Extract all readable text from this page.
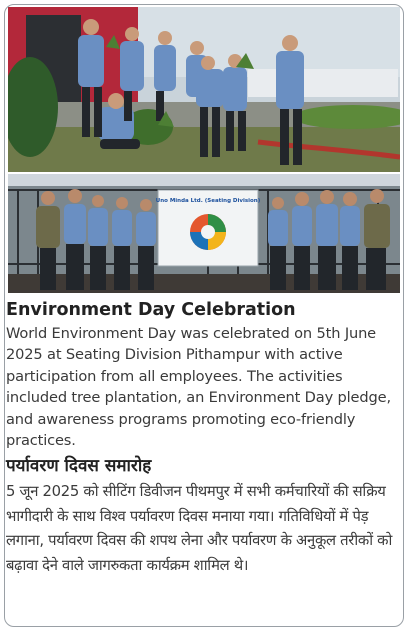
Uno Minda Ltd. (Seating Division)
Environment Day Celebration
World Environment Day was celebrated on 5th June 2025 at Seating Division Pithampur with active participation from all employees. The activities included tree plantation, an Environment Day pledge, and awareness programs promoting eco-friendly practices.
पर्यावरण दिवस समारोह
5 जून 2025 को सीटिंग डिवीजन पीथमपुर में सभी कर्मचारियों की सक्रिय भागीदारी के साथ विश्व पर्यावरण दिवस मनाया गया। गतिविधियों में पेड़ लगाना, पर्यावरण दिवस की शपथ लेना और पर्यावरण के अनुकूल तरीकों को बढ़ावा देने वाले जागरुकता कार्यक्रम शामिल थे।
